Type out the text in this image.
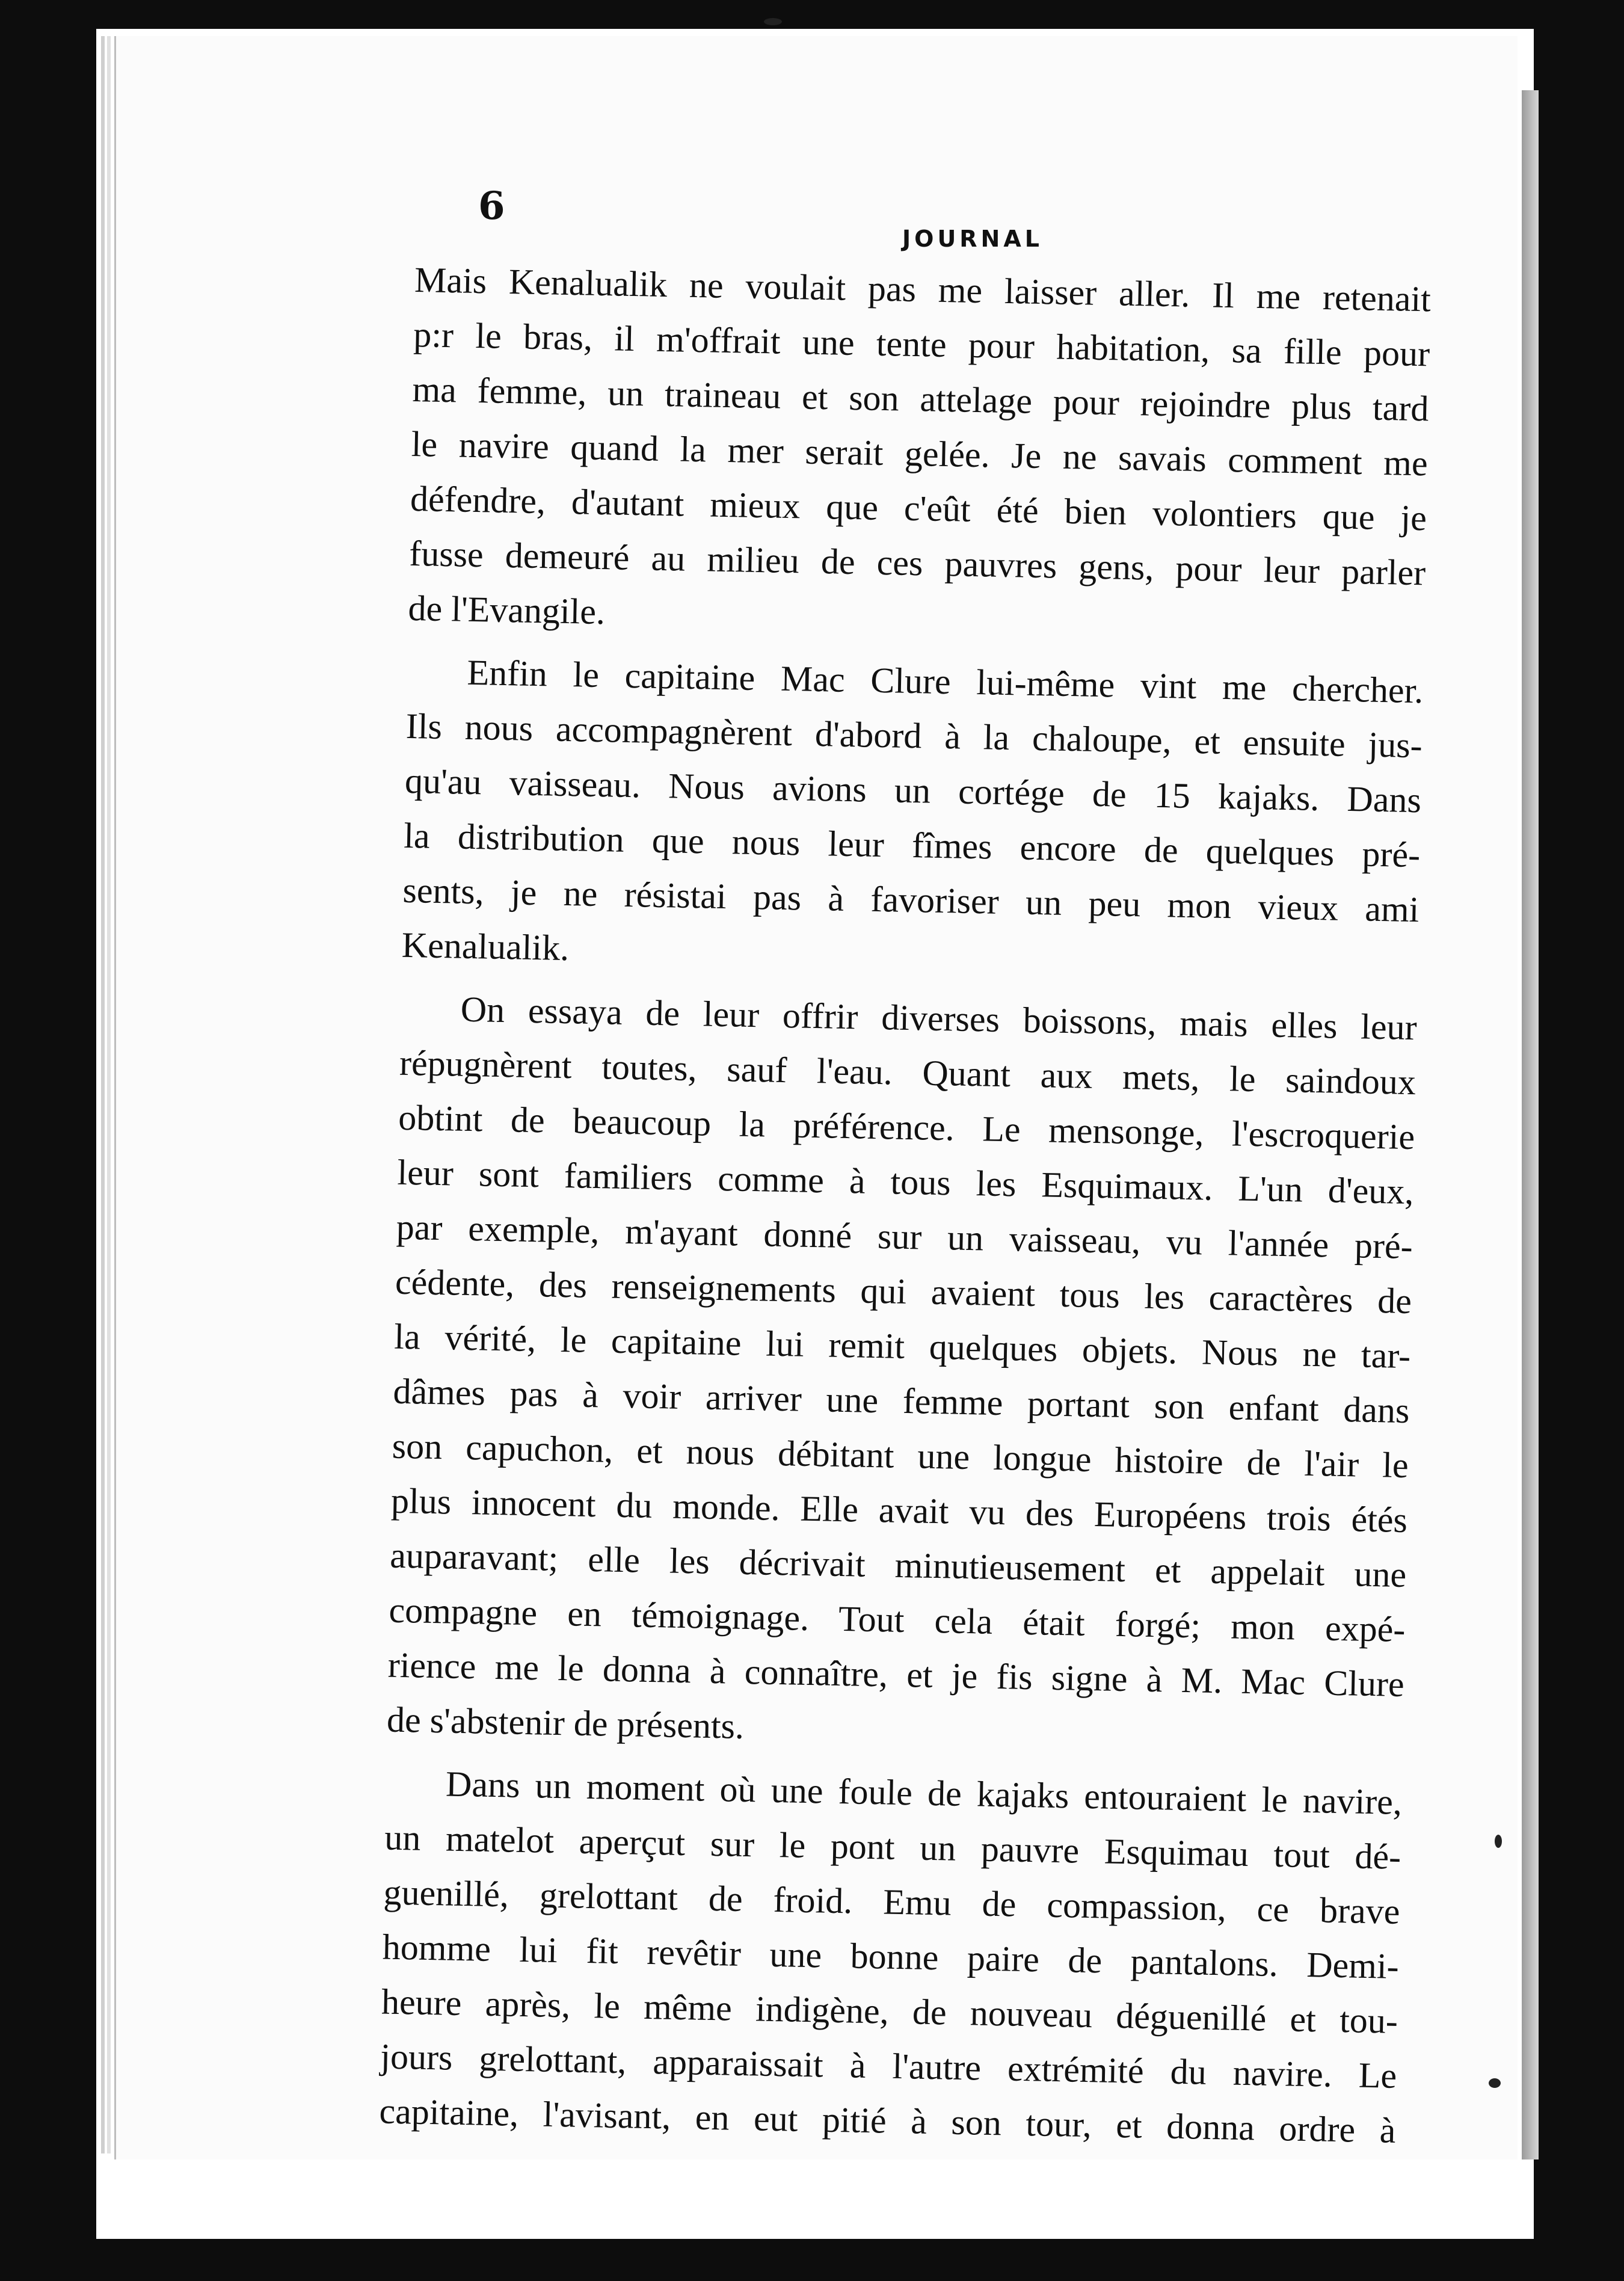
6
JOURNAL
Mais Kenalualik ne voulait pas me laisser aller. Il me retenait
p:r le bras, il m'offrait une tente pour habitation, sa fille pour
ma femme, un traineau et son attelage pour rejoindre plus tard
le navire quand la mer serait gelée. Je ne savais comment me
défendre, d'autant mieux que c'eût été bien volontiers que je
fusse demeuré au milieu de ces pauvres gens, pour leur parler
de l'Evangile.
Enfin le capitaine Mac Clure lui-même vint me chercher.
Ils nous accompagnèrent d'abord à la chaloupe, et ensuite jus-
qu'au vaisseau. Nous avions un cortége de 15 kajaks. Dans
la distribution que nous leur fîmes encore de quelques pré-
sents, je ne résistai pas à favoriser un peu mon vieux ami
Kenalualik.
On essaya de leur offrir diverses boissons, mais elles leur
répugnèrent toutes, sauf l'eau. Quant aux mets, le saindoux
obtint de beaucoup la préférence. Le mensonge, l'escroquerie
leur sont familiers comme à tous les Esquimaux. L'un d'eux,
par exemple, m'ayant donné sur un vaisseau, vu l'année pré-
cédente, des renseignements qui avaient tous les caractères de
la vérité, le capitaine lui remit quelques objets. Nous ne tar-
dâmes pas à voir arriver une femme portant son enfant dans
son capuchon, et nous débitant une longue histoire de l'air le
plus innocent du monde. Elle avait vu des Européens trois étés
auparavant; elle les décrivait minutieusement et appelait une
compagne en témoignage. Tout cela était forgé; mon expé-
rience me le donna à connaître, et je fis signe à M. Mac Clure
de s'abstenir de présents.
Dans un moment où une foule de kajaks entouraient le navire,
un matelot aperçut sur le pont un pauvre Esquimau tout dé-
guenillé, grelottant de froid. Emu de compassion, ce brave
homme lui fit revêtir une bonne paire de pantalons. Demi-
heure après, le même indigène, de nouveau déguenillé et tou-
jours grelottant, apparaissait à l'autre extrémité du navire. Le
capitaine, l'avisant, en eut pitié à son tour, et donna ordre à
